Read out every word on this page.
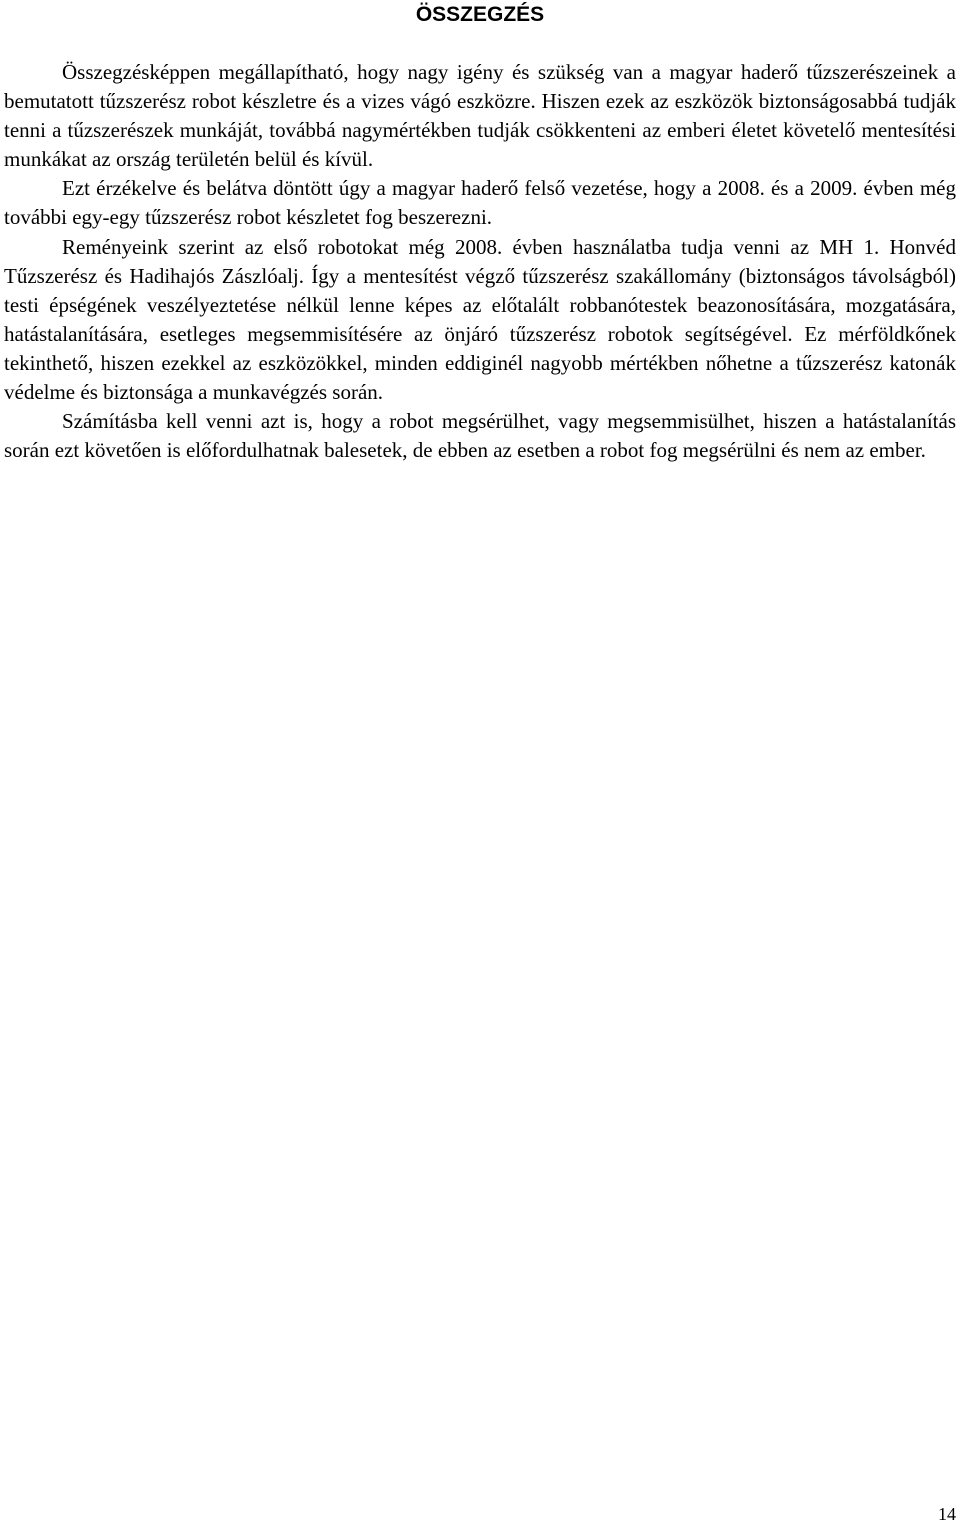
ÖSSZEGZÉS

Összegzésképpen megállapítható, hogy nagy igény és szükség van a magyar haderő tűzszerészeinek a bemutatott tűzszerész robot készletre és a vizes vágó eszközre. Hiszen ezek az eszközök biztonságosabbá tudják tenni a tűzszerészek munkáját, továbbá nagymértékben tudják csökkenteni az emberi életet követelő mentesítési munkákat az ország területén belül és kívül.

Ezt érzékelve és belátva döntött úgy a magyar haderő felső vezetése, hogy a 2008. és a 2009. évben még további egy-egy tűzszerész robot készletet fog beszerezni.

Reményeink szerint az első robotokat még 2008. évben használatba tudja venni az MH 1. Honvéd Tűzszerész és Hadihajós Zászlóalj. Így a mentesítést végző tűzszerész szakállomány (biztonságos távolságból) testi épségének veszélyeztetése nélkül lenne képes az előtalált robbanótestek beazonosítására, mozgatására, hatástalanítására, esetleges megsemmisítésére az önjáró tűzszerész robotok segítségével. Ez mérföldkőnek tekinthető, hiszen ezekkel az eszközökkel, minden eddiginél nagyobb mértékben nőhetne a tűzszerész katonák védelme és biztonsága a munkavégzés során.

Számításba kell venni azt is, hogy a robot megsérülhet, vagy megsemmisülhet, hiszen a hatástalanítás során ezt követően is előfordulhatnak balesetek, de ebben az esetben a robot fog megsérülni és nem az ember.

14
